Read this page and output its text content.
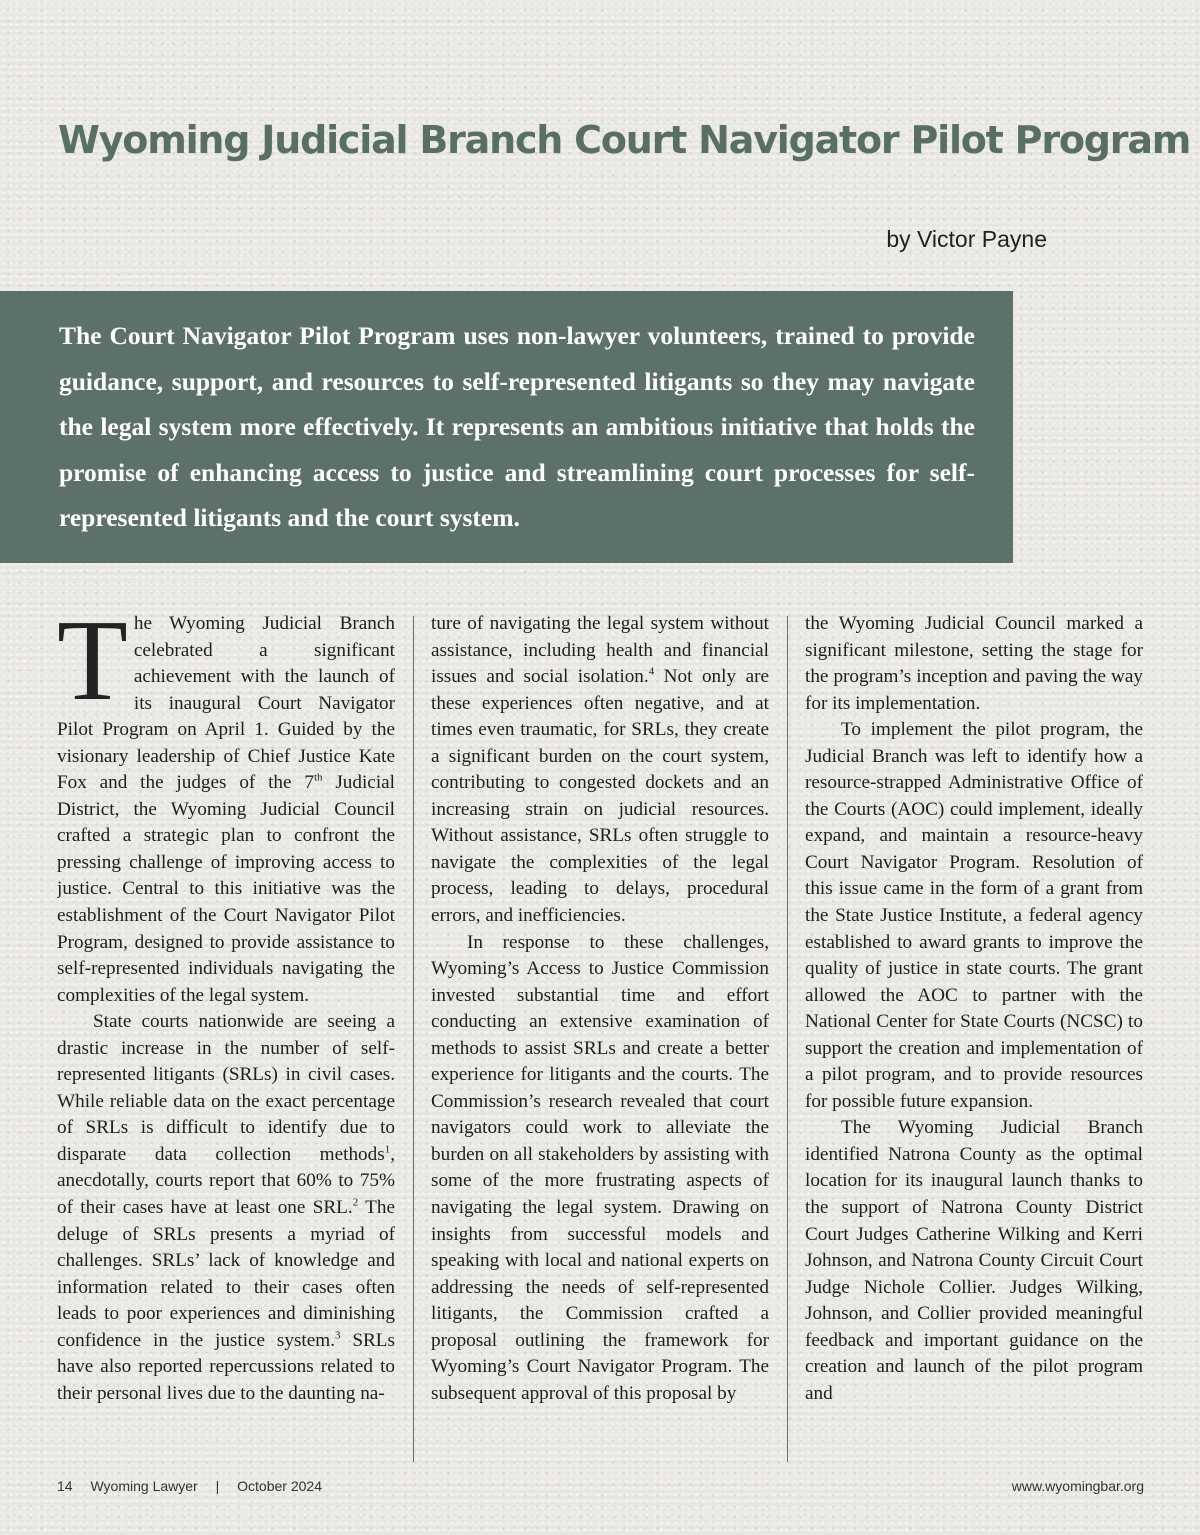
Wyoming Judicial Branch Court Navigator Pilot Program
by Victor Payne

The Court Navigator Pilot Program uses non-lawyer volunteers, trained to provide guidance, support, and resources to self-represented litigants so they may navigate the legal system more effectively. It represents an ambitious initiative that holds the promise of enhancing access to justice and streamlining court processes for self-represented litigants and the court system.

The Wyoming Judicial Branch celebrated a significant achievement with the launch of its inaugural Court Navigator Pilot Program on April 1. Guided by the visionary leadership of Chief Justice Kate Fox and the judges of the 7th Judicial District, the Wyoming Judicial Council crafted a strategic plan to confront the pressing challenge of improving access to justice. Central to this initiative was the establishment of the Court Navigator Pilot Program, designed to provide assistance to self-represented individuals navigating the complexities of the legal system.

State courts nationwide are seeing a drastic increase in the number of self-represented litigants (SRLs) in civil cases. While reliable data on the exact percentage of SRLs is difficult to identify due to disparate data collection methods$^1$, anecdotally, courts report that 60% to 75% of their cases have at least one SRL.$^2$ The deluge of SRLs presents a myriad of challenges. SRLs’ lack of knowledge and information related to their cases often leads to poor experiences and diminishing confidence in the justice system.$^3$ SRLs have also reported repercussions related to their personal lives due to the daunting na-

ture of navigating the legal system without assistance, including health and financial issues and social isolation.$^4$ Not only are these experiences often negative, and at times even traumatic, for SRLs, they create a significant burden on the court system, contributing to congested dockets and an increasing strain on judicial resources. Without assistance, SRLs often struggle to navigate the complexities of the legal process, leading to delays, procedural errors, and inefficiencies.

In response to these challenges, Wyoming’s Access to Justice Commission invested substantial time and effort conducting an extensive examination of methods to assist SRLs and create a better experience for litigants and the courts. The Commission’s research revealed that court navigators could work to alleviate the burden on all stakeholders by assisting with some of the more frustrating aspects of navigating the legal system. Drawing on insights from successful models and speaking with local and national experts on addressing the needs of self-represented litigants, the Commission crafted a proposal outlining the framework for Wyoming’s Court Navigator Program. The subsequent approval of this proposal by

the Wyoming Judicial Council marked a significant milestone, setting the stage for the program’s inception and paving the way for its implementation.

To implement the pilot program, the Judicial Branch was left to identify how a resource-strapped Administrative Office of the Courts (AOC) could implement, ideally expand, and maintain a resource-heavy Court Navigator Program. Resolution of this issue came in the form of a grant from the State Justice Institute, a federal agency established to award grants to improve the quality of justice in state courts. The grant allowed the AOC to partner with the National Center for State Courts (NCSC) to support the creation and implementation of a pilot program, and to provide resources for possible future expansion.

The Wyoming Judicial Branch identified Natrona County as the optimal location for its inaugural launch thanks to the support of Natrona County District Court Judges Catherine Wilking and Kerri Johnson, and Natrona County Circuit Court Judge Nichole Collier. Judges Wilking, Johnson, and Collier provided meaningful feedback and important guidance on the creation and launch of the pilot program and

14 Wyoming Lawyer | October 2024	www.wyomingbar.org
